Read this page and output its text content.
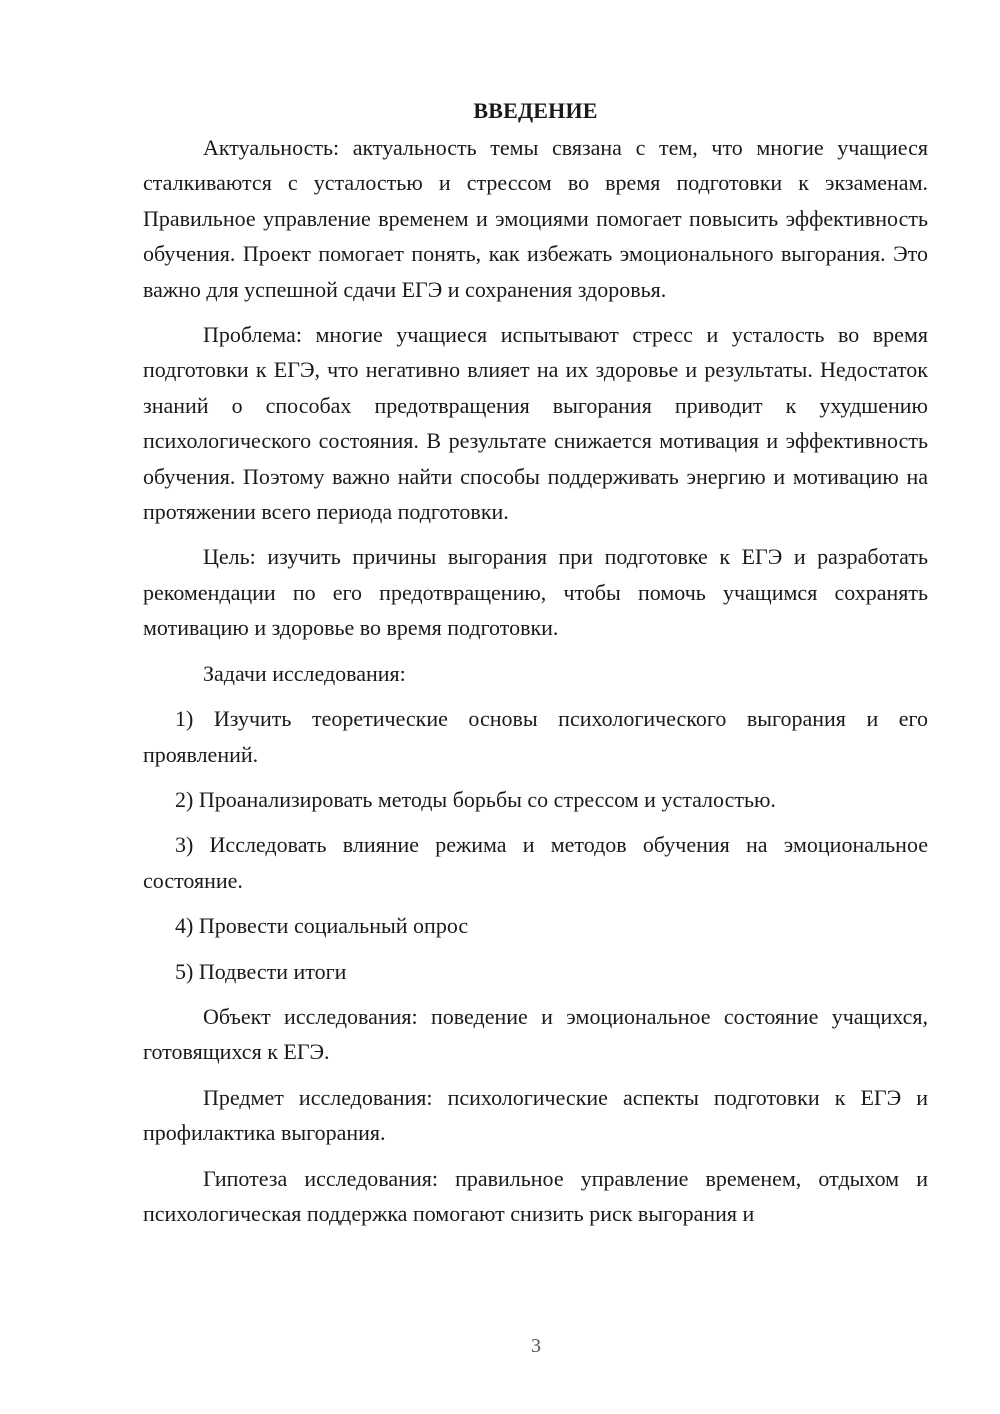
ВВЕДЕНИЕ

Актуальность: актуальность темы связана с тем, что многие учащиеся сталкиваются с усталостью и стрессом во время подготовки к экзаменам. Правильное управление временем и эмоциями помогает повысить эффективность обучения. Проект помогает понять, как избежать эмоционального выгорания. Это важно для успешной сдачи ЕГЭ и сохранения здоровья.

Проблема: многие учащиеся испытывают стресс и усталость во время подготовки к ЕГЭ, что негативно влияет на их здоровье и результаты. Недостаток знаний о способах предотвращения выгорания приводит к ухудшению психологического состояния. В результате снижается мотивация и эффективность обучения. Поэтому важно найти способы поддерживать энергию и мотивацию на протяжении всего периода подготовки.

Цель: изучить причины выгорания при подготовке к ЕГЭ и разработать рекомендации по его предотвращению, чтобы помочь учащимся сохранять мотивацию и здоровье во время подготовки.

Задачи исследования:

1) Изучить теоретические основы психологического выгорания и его проявлений.

2) Проанализировать методы борьбы со стрессом и усталостью.

3) Исследовать влияние режима и методов обучения на эмоциональное состояние.

4) Провести социальный опрос

5) Подвести итоги

Объект исследования: поведение и эмоциональное состояние учащихся, готовящихся к ЕГЭ.

Предмет исследования: психологические аспекты подготовки к ЕГЭ и профилактика выгорания.

Гипотеза исследования: правильное управление временем, отдыхом и психологическая поддержка помогают снизить риск выгорания и

3
